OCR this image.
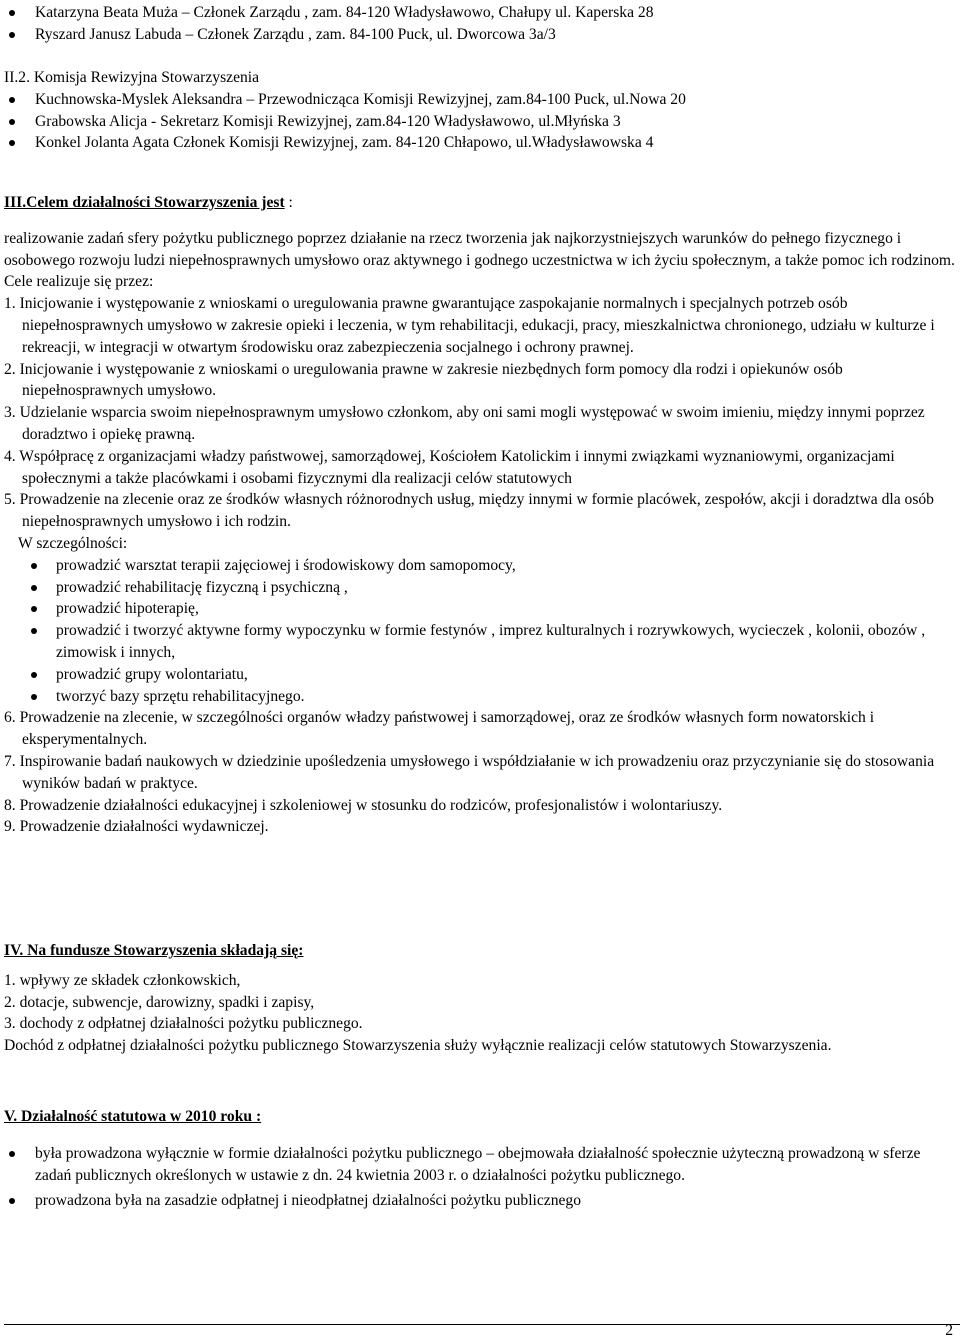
Katarzyna Beata Muża – Członek Zarządu , zam. 84-120 Władysławowo, Chałupy ul. Kaperska 28
Ryszard Janusz Labuda – Członek Zarządu , zam. 84-100 Puck, ul. Dworcowa 3a/3

II.2. Komisja Rewizyjna Stowarzyszenia

Kuchnowska-Myslek Aleksandra – Przewodnicząca Komisji Rewizyjnej, zam.84-100 Puck, ul.Nowa 20
Grabowska Alicja - Sekretarz Komisji Rewizyjnej, zam.84-120 Władysławowo, ul.Młyńska 3
Konkel Jolanta Agata Członek Komisji Rewizyjnej, zam. 84-120 Chłapowo, ul.Władysławowska 4

III.Celem działalności Stowarzyszenia jest :

realizowanie zadań sfery pożytku publicznego poprzez działanie na rzecz tworzenia jak najkorzystniejszych warunków do pełnego fizycznego i osobowego rozwoju ludzi niepełnosprawnych umysłowo oraz aktywnego i godnego uczestnictwa w ich życiu społecznym, a także pomoc ich rodzinom.

Cele realizuje się przez:

1. Inicjowanie i występowanie z wnioskami o uregulowania prawne gwarantujące zaspokajanie normalnych i specjalnych potrzeb osób niepełnosprawnych umysłowo w zakresie opieki i leczenia, w tym rehabilitacji, edukacji, pracy, mieszkalnictwa chronionego, udziału w kulturze i rekreacji, w integracji w otwartym środowisku oraz zabezpieczenia socjalnego i ochrony prawnej.

2. Inicjowanie i występowanie z wnioskami o uregulowania prawne w zakresie niezbędnych form pomocy dla rodzi i opiekunów osób niepełnosprawnych umysłowo.

3. Udzielanie wsparcia swoim niepełnosprawnym umysłowo członkom, aby oni sami mogli występować w swoim imieniu, między innymi poprzez doradztwo i opiekę prawną.

4. Współpracę z organizacjami władzy państwowej, samorządowej, Kościołem Katolickim i innymi związkami wyznaniowymi, organizacjami społecznymi a także placówkami i osobami fizycznymi dla realizacji celów statutowych

5. Prowadzenie na zlecenie oraz ze środków własnych różnorodnych usług, między innymi w formie placówek, zespołów, akcji i doradztwa dla osób niepełnosprawnych umysłowo i ich rodzin.

W szczególności:

prowadzić warsztat terapii zajęciowej i środowiskowy dom samopomocy,
prowadzić rehabilitację fizyczną i psychiczną ,
prowadzić hipoterapię,
prowadzić i tworzyć aktywne formy wypoczynku w formie festynów , imprez kulturalnych i rozrywkowych, wycieczek , kolonii, obozów , zimowisk i innych,
prowadzić grupy wolontariatu,
tworzyć bazy sprzętu rehabilitacyjnego.

6. Prowadzenie na zlecenie, w szczególności organów władzy państwowej i samorządowej, oraz ze środków własnych form nowatorskich i eksperymentalnych.

7. Inspirowanie badań naukowych w dziedzinie upośledzenia umysłowego i współdziałanie w ich prowadzeniu oraz przyczynianie się do stosowania wyników badań w praktyce.

8. Prowadzenie działalności edukacyjnej i szkoleniowej w stosunku do rodziców, profesjonalistów i wolontariuszy.

9. Prowadzenie działalności wydawniczej.

IV. Na fundusze Stowarzyszenia składają się:

1. wpływy ze składek członkowskich,

2. dotacje, subwencje, darowizny, spadki i zapisy,

3. dochody z odpłatnej działalności pożytku publicznego.

Dochód z odpłatnej działalności pożytku publicznego Stowarzyszenia służy wyłącznie realizacji celów statutowych Stowarzyszenia.

V. Działalność statutowa w 2010 roku :

była prowadzona wyłącznie w formie działalności pożytku publicznego – obejmowała działalność społecznie użyteczną prowadzoną w sferze zadań publicznych określonych w ustawie z dn. 24 kwietnia 2003 r. o działalności pożytku publicznego.
prowadzona była na zasadzie odpłatnej i nieodpłatnej działalności pożytku publicznego
2
